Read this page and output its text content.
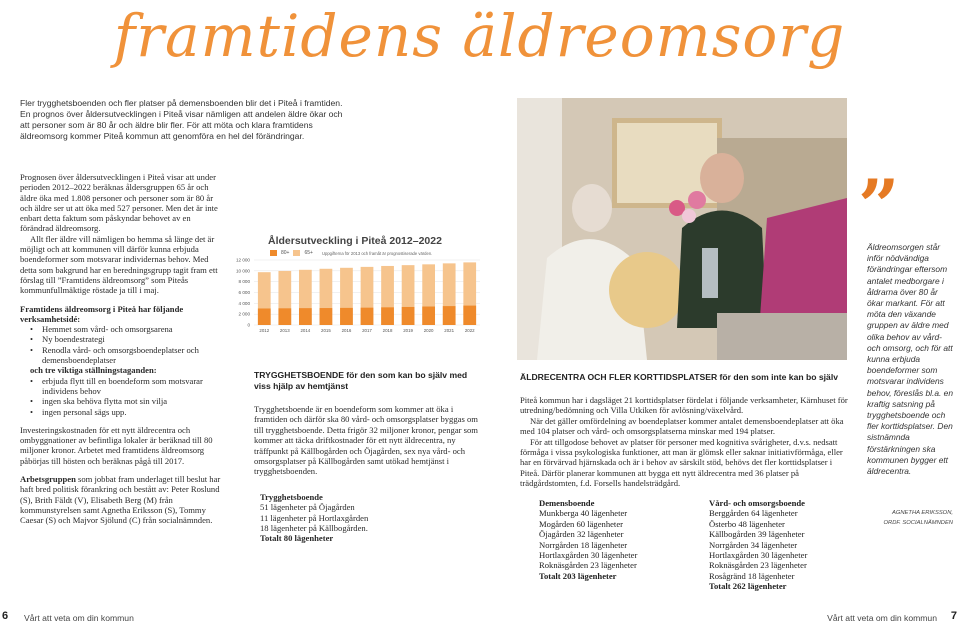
framtidens äldreomsorg
Fler trygghetsboenden och fler platser på demensboenden blir det i Piteå i framtiden. En prognos över åldersutvecklingen i Piteå visar nämligen att andelen äldre ökar och att personer som är 80 år och äldre blir fler. För att möta och klara framtidens äldreomsorg kommer Piteå kommun att genomföra en hel del förändringar.

Prognosen över åldersutvecklingen i Piteå visar att under perioden 2012–2022 beräknas åldersgruppen 65 år och äldre öka med 1.808 personer och personer som är 80 år och äldre ser ut att öka med 527 personer. Men det är inte enbart detta faktum som påskyndar behovet av en förändrad äldreomsorg.

Allt fler äldre vill nämligen bo hemma så länge det är möjligt och att kommunen vill därför kunna erbjuda boendeformer som motsvarar individernas behov. Med detta som bakgrund har en beredningsgrupp tagit fram ett förslag till ”Framtidens äldreomsorg” som Piteås kommunfullmäktige röstade ja till i maj.

Framtidens äldreomsorg i Piteå har följande verksamhetsidé:

• Hemmet som vård- och omsorgsarena
• Ny boendestrategi
• Renodla vård- och omsorgsboendeplatser och demensboendeplatser

och tre viktiga ställningstaganden:

• erbjuda flytt till en boendeform som motsvarar individens behov
• ingen ska behöva flytta mot sin vilja
• ingen personal sägs upp.

Investeringskostnaden för ett nytt äldrecentra och ombyggnationer av befintliga lokaler är beräknad till 80 miljoner kronor. Arbetet med framtidens äldreomsorg påbörjas till hösten och beräknas pågå till 2017.

Arbetsgruppen som jobbat fram underlaget till beslut har haft bred politisk förankring och bestått av: Peter Roslund (S), Brith Fäldt (V), Elisabeth Berg (M) från kommunstyrelsen samt Agnetha Eriksson (S), Tommy Caesar (S) och Majvor Sjölund (C) från socialnämnden.

Åldersutveckling i Piteå 2012–2022
80+	65+ Uppgifterna för 2013 och framåt är prognostiserade värden.
0
2 000
4 000
6 000
8 000
10 000
12 000
2012 2013 2014 2015 2016 2017 2018 2019 2020 2021 2022
TRYGGHETSBOENDE för den som kan bo själv med viss hjälp av hemtjänst
Trygghetsboende är en boendeform som kommer att öka i framtiden och därför ska 80 vård- och omsorgsplatser byggas om till trygghetsboende. Detta frigör 32 miljoner kronor, pengar som kommer att täcka driftkostnader för ett nytt äldrecentra, ny träffpunkt på Källbogården och Öjagården, sex nya vård- och omsorgsplatser på Källbogården samt utökad hemtjänst i trygghetsboenden.
Trygghetsboende
51 lägenheter på Öjagården
11 lägenheter på Hortlaxgården
18 lägenheter på Källbogården.
Totalt 80 lägenheter
ÄLDRECENTRA OCH FLER KORTTIDSPLATSER för den som inte kan bo själv
Piteå kommun har i dagsläget 21 korttidsplatser fördelat i följande verksamheter, Kärnhuset för utredning/bedömning och Villa Utkiken för avlösning/växelvård.
När det gäller omfördelning av boendeplatser kommer antalet demensboendeplatser att öka med 104 platser och vård- och omsorgsplatserna minskar med 194 platser.
För att tillgodose behovet av platser för personer med kognitiva svårigheter, d.v.s. nedsatt förmåga i vissa psykologiska funktioner, att man är glömsk eller saknar initiativförmåga, eller har en förvärvad hjärnskada och är i behov av särskilt stöd, behövs det fler korttidsplatser i Piteå. Därför planerar kommunen att bygga ett nytt äldrecentra med 36 platser på trädgårdstomten, f.d. Forsells handelsträdgård.
Demensboende
Munkberga 40 lägenheter
Mogården 60 lägenheter
Öjagården 32 lägenheter
Norrgården 18 lägenheter
Hortlaxgården 30 lägenheter
Roknäsgården 23 lägenheter
Totalt 203 lägenheter
Vård- och omsorgsboende
Berggården 64 lägenheter
Österbo 48 lägenheter
Källbogården 39 lägenheter
Norrgården 34 lägenheter
Hortlaxgården 30 lägenheter
Roknäsgården 23 lägenheter
Rosågränd 18 lägenheter
Totalt 262 lägenheter
”
Äldreomsorgen står inför nödvändiga förändringar eftersom antalet medborgare i åldrarna över 80 år ökar markant. För att möta den växande gruppen av äldre med olika behov av vård- och omsorg, och för att kunna erbjuda boendeformer som motsvarar individens behov, föreslås bl.a. en kraftig satsning på trygghetsboende och fler korttidsplatser. Den sistnämnda förstärkningen ska kommunen bygger ett äldrecentra.
AGNETHA ERIKSSON,
ORDF. SOCIALNÄMNDEN
6 Vårt att veta om din kommun	Vårt att veta om din kommun 7
